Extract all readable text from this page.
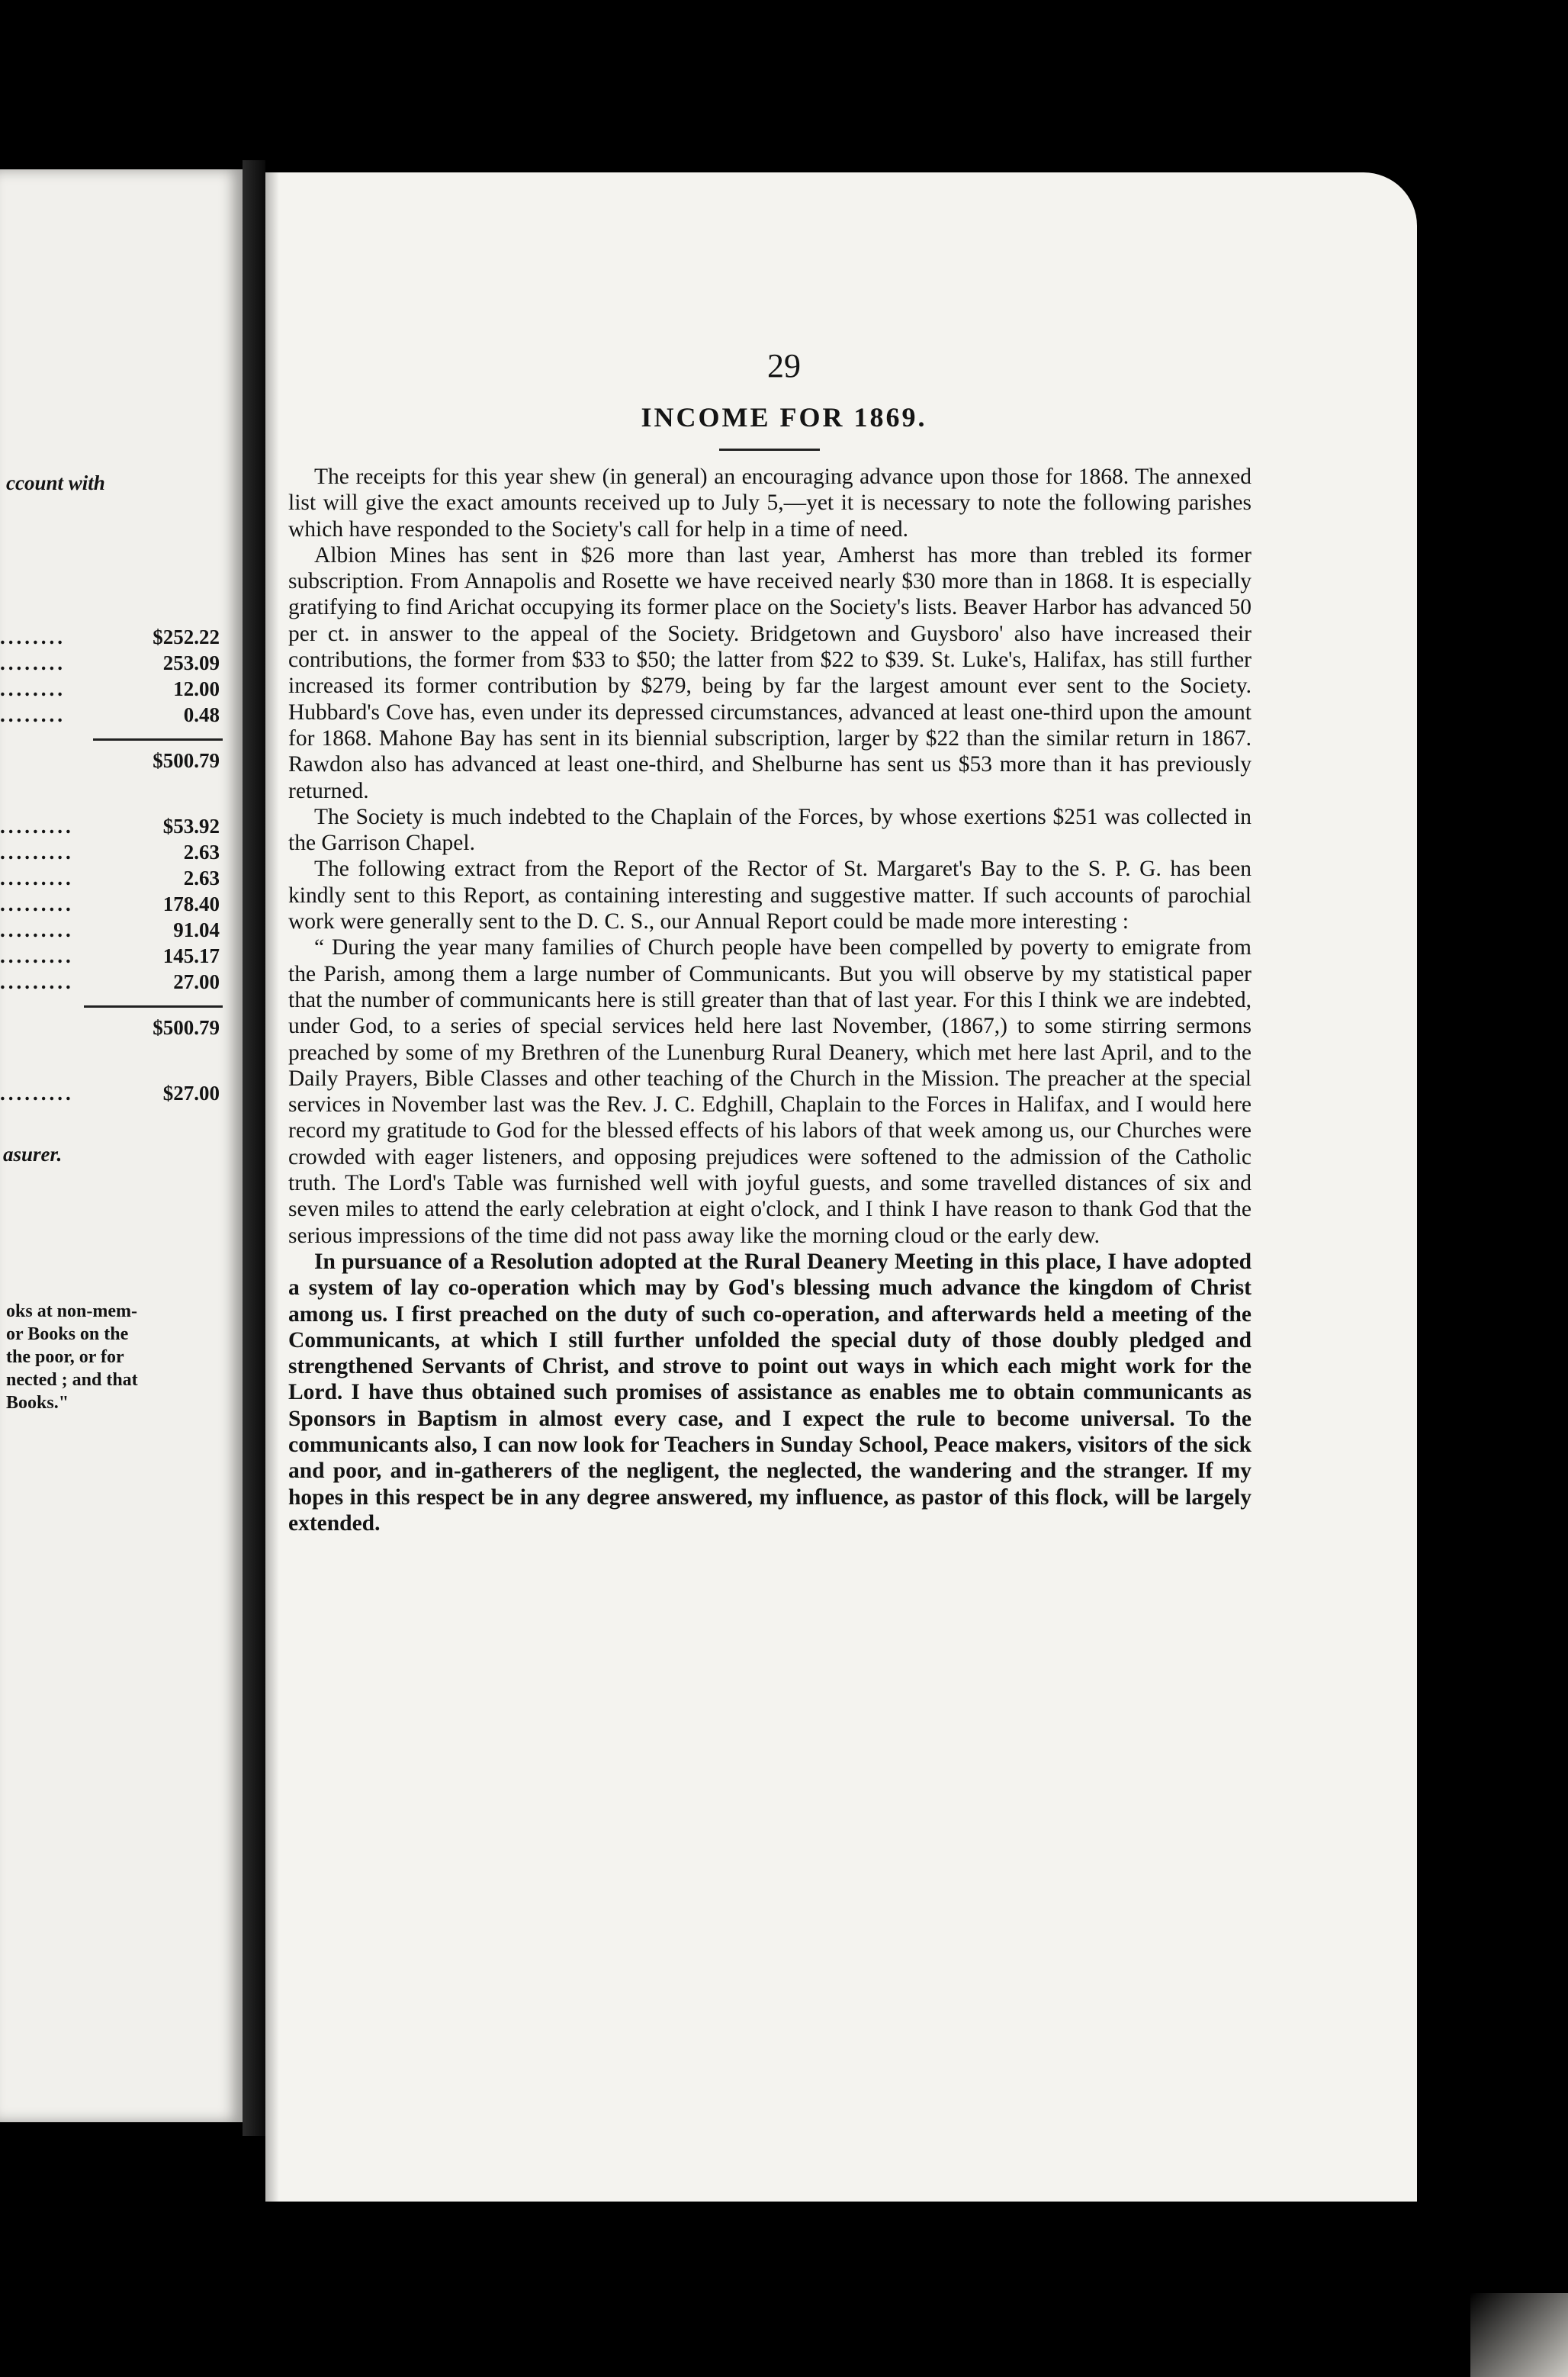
ccount with
........	$252.22
........	253.09
........	12.00
........	0.48
$500.79
.........	$53.92
.........	2.63
.........	2.63
.........	178.40
.........	91.04
.........	145.17
.........	27.00
$500.79
.........	$27.00
asurer.
oks at non-mem-
or Books on the
the poor, or for
nected ; and that
Books."
29
INCOME FOR 1869.

The receipts for this year shew (in general) an encouraging advance upon those for 1868. The annexed list will give the exact amounts received up to July 5,—yet it is necessary to note the following parishes which have responded to the Society's call for help in a time of need.

Albion Mines has sent in $26 more than last year, Amherst has more than trebled its former subscription. From Annapolis and Rosette we have received nearly $30 more than in 1868. It is especially gratifying to find Arichat occupying its former place on the Society's lists. Beaver Harbor has advanced 50 per ct. in answer to the appeal of the Society. Bridgetown and Guysboro' also have increased their contributions, the former from $33 to $50; the latter from $22 to $39. St. Luke's, Halifax, has still further increased its former contribution by $279, being by far the largest amount ever sent to the Society. Hubbard's Cove has, even under its depressed circumstances, advanced at least one-third upon the amount for 1868. Mahone Bay has sent in its biennial subscription, larger by $22 than the similar return in 1867. Rawdon also has advanced at least one-third, and Shelburne has sent us $53 more than it has previously returned.

The Society is much indebted to the Chaplain of the Forces, by whose exertions $251 was collected in the Garrison Chapel.

The following extract from the Report of the Rector of St. Margaret's Bay to the S. P. G. has been kindly sent to this Report, as containing interesting and suggestive matter. If such accounts of parochial work were generally sent to the D. C. S., our Annual Report could be made more interesting :

“ During the year many families of Church people have been compelled by poverty to emigrate from the Parish, among them a large number of Communicants. But you will observe by my statistical paper that the number of communicants here is still greater than that of last year. For this I think we are indebted, under God, to a series of special services held here last November, (1867,) to some stirring sermons preached by some of my Brethren of the Lunenburg Rural Deanery, which met here last April, and to the Daily Prayers, Bible Classes and other teaching of the Church in the Mission. The preacher at the special services in November last was the Rev. J. C. Edghill, Chaplain to the Forces in Halifax, and I would here record my gratitude to God for the blessed effects of his labors of that week among us, our Churches were crowded with eager listeners, and opposing prejudices were softened to the admission of the Catholic truth. The Lord's Table was furnished well with joyful guests, and some travelled distances of six and seven miles to attend the early celebration at eight o'clock, and I think I have reason to thank God that the serious impressions of the time did not pass away like the morning cloud or the early dew.

In pursuance of a Resolution adopted at the Rural Deanery Meeting in this place, I have adopted a system of lay co-operation which may by God's blessing much advance the kingdom of Christ among us. I first preached on the duty of such co-operation, and afterwards held a meeting of the Communicants, at which I still further unfolded the special duty of those doubly pledged and strengthened Servants of Christ, and strove to point out ways in which each might work for the Lord. I have thus obtained such promises of assistance as enables me to obtain communicants as Sponsors in Baptism in almost every case, and I expect the rule to become universal. To the communicants also, I can now look for Teachers in Sunday School, Peace makers, visitors of the sick and poor, and in-gatherers of the negligent, the neglected, the wandering and the stranger. If my hopes in this respect be in any degree answered, my influence, as pastor of this flock, will be largely extended.
